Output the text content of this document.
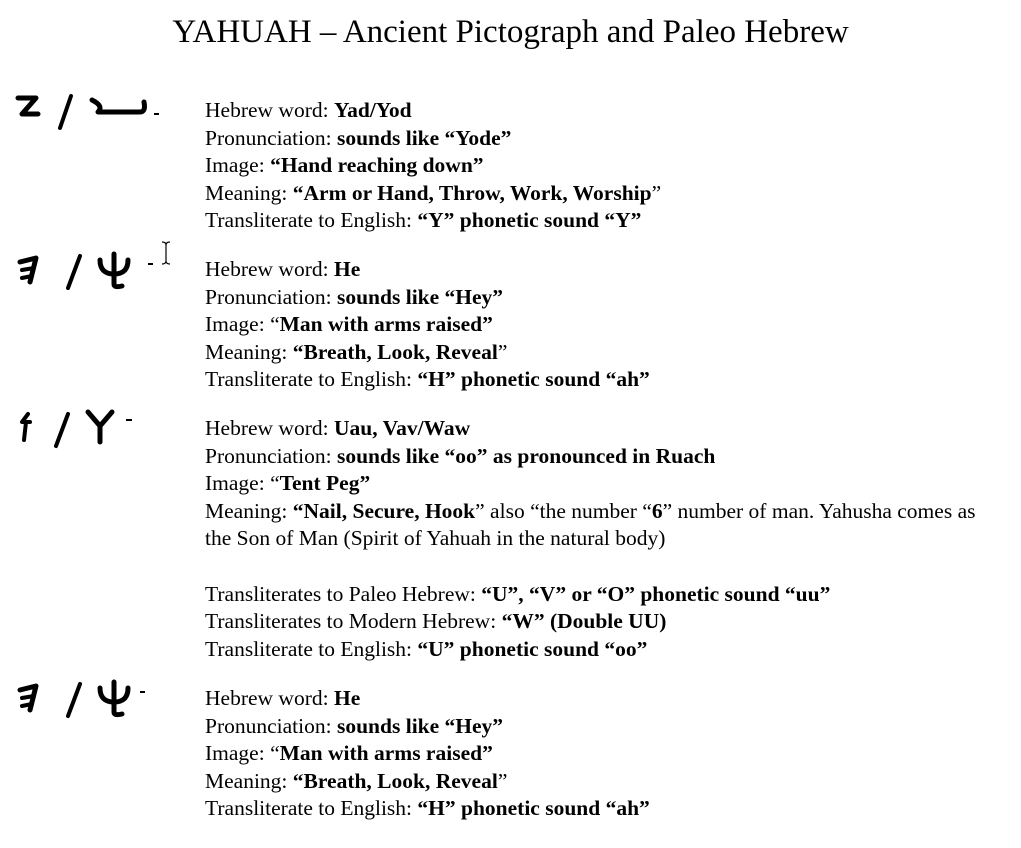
YAHUAH – Ancient Pictograph and Paleo Hebrew
Hebrew word: Yad/Yod
Pronunciation: sounds like “Yode”
Image: “Hand reaching down”
Meaning: “Arm or Hand, Throw, Work, Worship”
Transliterate to English: “Y” phonetic sound “Y”
Hebrew word: He
Pronunciation: sounds like “Hey”
Image: “Man with arms raised”
Meaning: “Breath, Look, Reveal”
Transliterate to English: “H” phonetic sound “ah”
Hebrew word: Uau, Vav/Waw
Pronunciation: sounds like “oo” as pronounced in Ruach
Image: “Tent Peg”
Meaning: “Nail, Secure, Hook” also “the number “6” number of man. Yahusha comes as the Son of Man (Spirit of Yahuah in the natural body)
Transliterates to Paleo Hebrew: “U”, “V” or “O” phonetic sound “uu”
Transliterates to Modern Hebrew: “W” (Double UU)
Transliterate to English: “U” phonetic sound “oo”
Hebrew word: He
Pronunciation: sounds like “Hey”
Image: “Man with arms raised”
Meaning: “Breath, Look, Reveal”
Transliterate to English: “H” phonetic sound “ah”
